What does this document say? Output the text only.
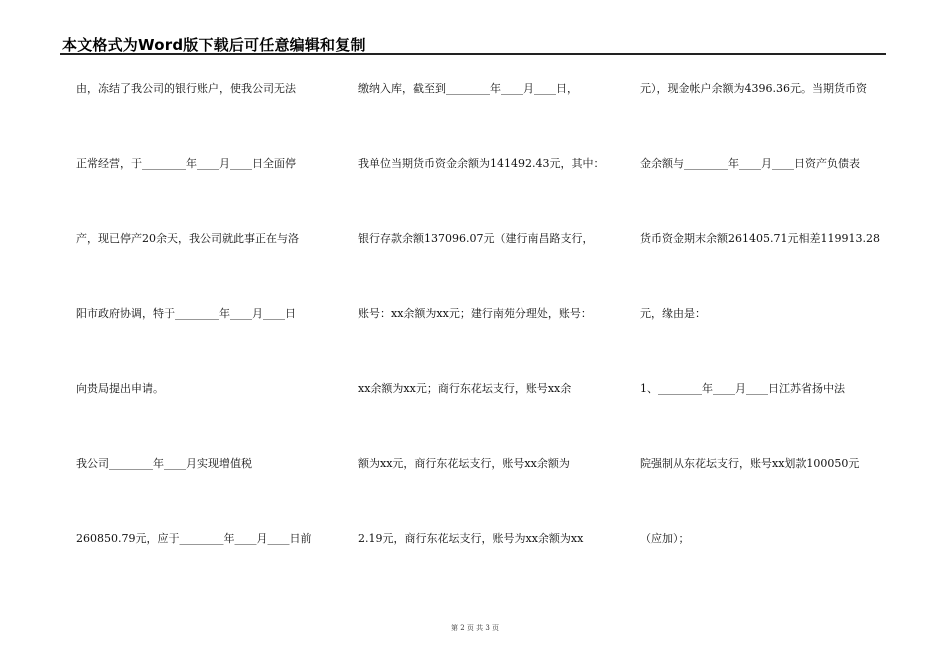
本文格式为Word版下载后可任意编辑和复制
由，冻结了我公司的银行账户，使我公司无法
正常经营，于________年____月____日全面停
产，现已停产20余天，我公司就此事正在与洛
阳市政府协调，特于________年____月____日
向贵局提出申请。
我公司________年____月实现增值税
260850.79元，应于________年____月____日前
缴纳入库，截至到________年____月____日，
我单位当期货币资金余额为141492.43元，其中：
银行存款余额137096.07元（建行南昌路支行，
账号：xx余额为xx元；建行南苑分理处，账号：
xx余额为xx元；商行东花坛支行，账号xx余
额为xx元，商行东花坛支行，账号xx余额为
2.19元，商行东花坛支行，账号为xx余额为xx
元），现金帐户余额为4396.36元。当期货币资
金余额与________年____月____日资产负债表
货币资金期末余额261405.71元相差119913.28
元，缘由是：
1、________年____月____日江苏省扬中法
院强制从东花坛支行，账号xx划款100050元
（应加）；
第 2 页 共 3 页
